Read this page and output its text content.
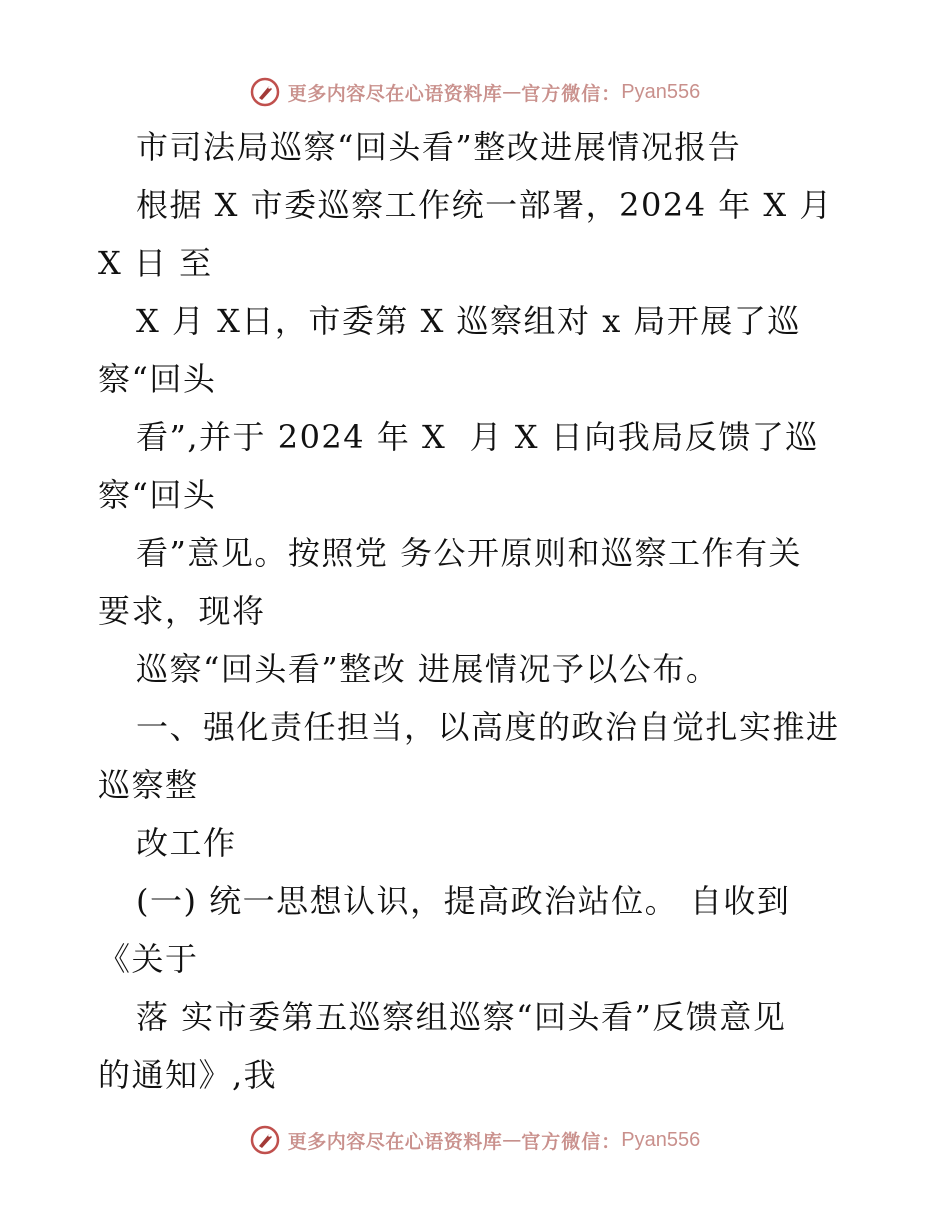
更多内容尽在心语资料库 — 官方微信： Pyan556
市司法局巡察“回头看”整改进展情况报告
根据 X 市委巡察工作统一部署，2024 年 X 月
X 日 至
X 月 X日，市委第 X 巡察组对 x 局开展了巡
察“回头
看”,并于 2024 年 X  月 X 日向我局反馈了巡
察“回头
看”意见。按照党 务公开原则和巡察工作有关
要求，现将
巡察“回头看”整改 进展情况予以公布。
一、强化责任担当，以高度的政治自觉扎实推进
巡察整
改工作
(一) 统一思想认识，提高政治站位。 自收到
《关于
落 实市委第五巡察组巡察“回头看”反馈意见
的通知》,我
更多内容尽在心语资料库 — 官方微信： Pyan556
